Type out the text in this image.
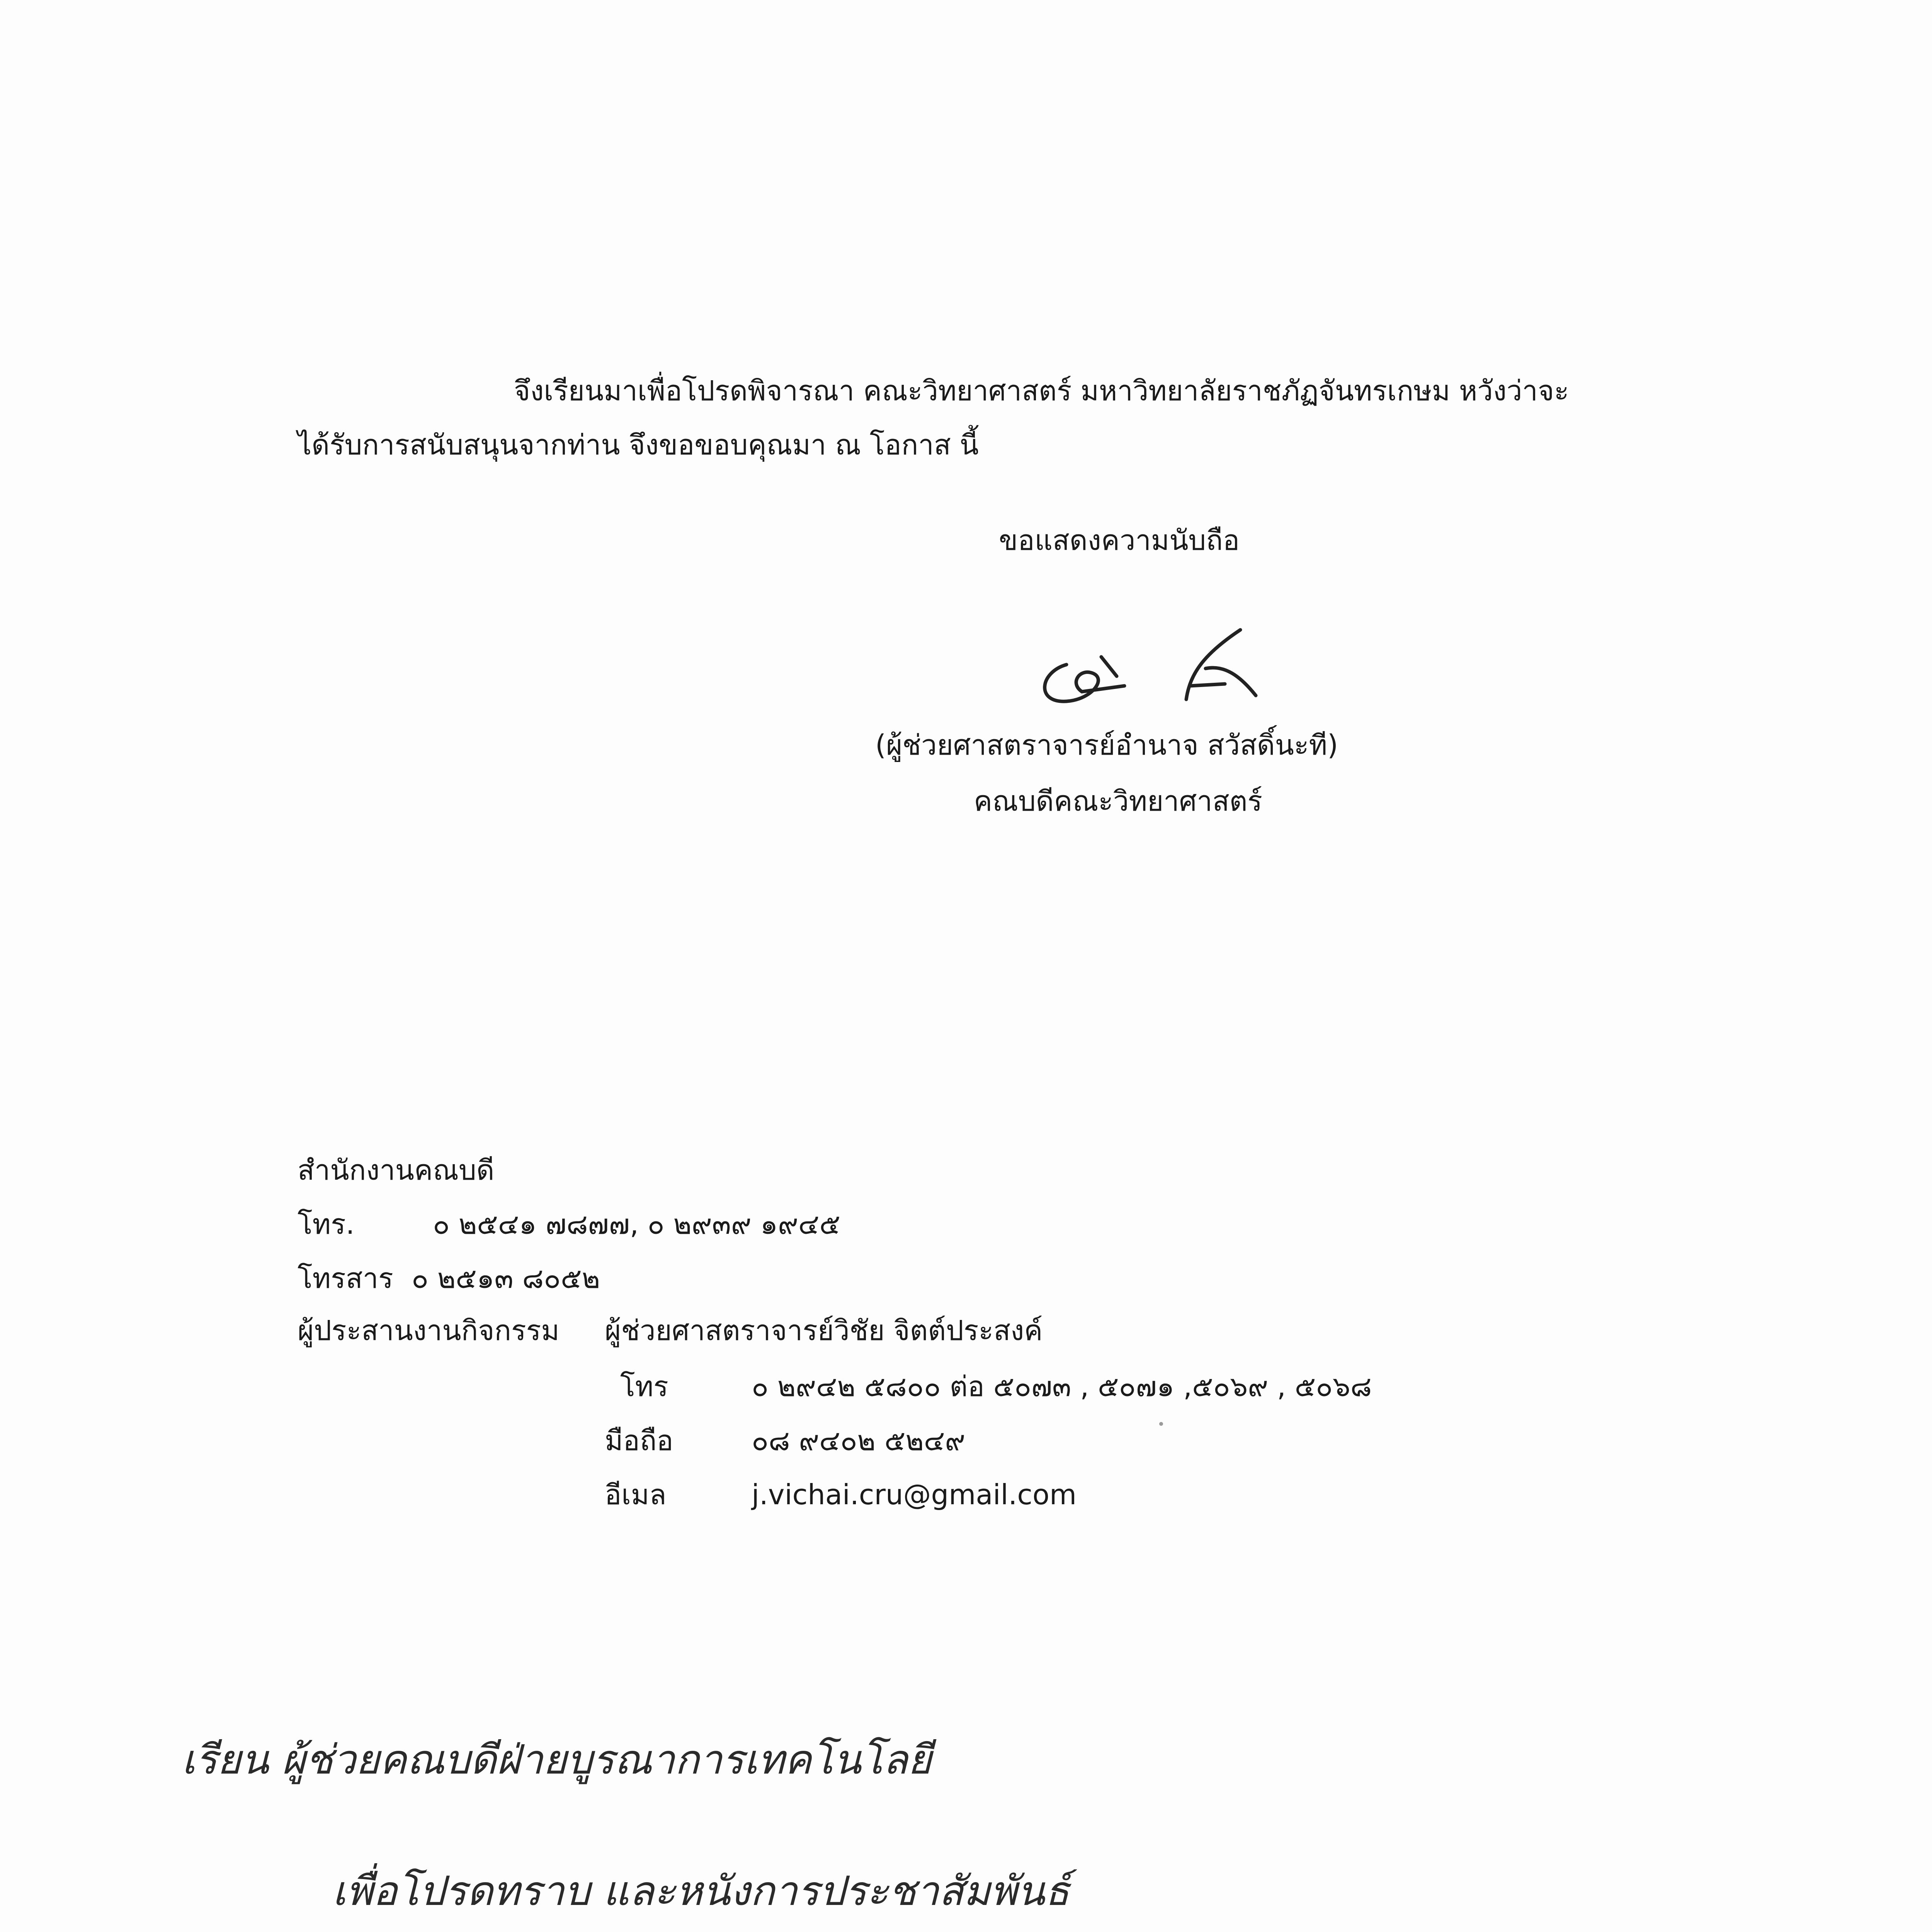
จึงเรียนมาเพื่อโปรดพิจารณา คณะวิทยาศาสตร์ มหาวิทยาลัยราชภัฏจันทรเกษม หวังว่าจะ

ได้รับการสนับสนุนจากท่าน จึงขอขอบคุณมา ณ โอกาส นี้

ขอแสดงความนับถือ

(ผู้ช่วยศาสตราจารย์อำนาจ สวัสดิ์นะที)

คณบดีคณะวิทยาศาสตร์

สำนักงานคณบดี

โทร.	๐ ๒๕๔๑ ๗๘๗๗, ๐ ๒๙๓๙ ๑๙๔๕

โทรสาร ๐ ๒๕๑๓ ๘๐๕๒

ผู้ประสานงานกิจกรรม ผู้ช่วยศาสตราจารย์วิชัย จิตต์ประสงค์

โทร	๐ ๒๙๔๒ ๕๘๐๐ ต่อ ๕๐๗๓ , ๕๐๗๑ ,๕๐๖๙ , ๕๐๖๘

มือถือ	๐๘ ๙๔๐๒ ๕๒๔๙

อีเมล	j.vichai.cru@gmail.com

เรียน ผู้ช่วยคณบดีฝ่ายบูรณาการเทคโนโลยี

เพื่อโปรดทราบ และหนังการประชาสัมพันธ์
